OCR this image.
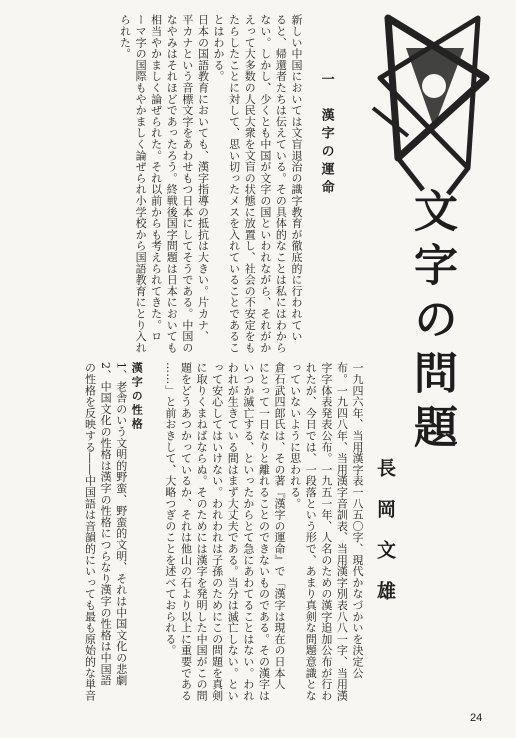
文字の問題
長岡文雄
一　漢字の運命
新しい中国においては文盲退治の識字教育が徹底的に行われてい
ると、帰還者たちは伝えている。その具体的なことは私にはわから
ない。しかし、少くとも中国が文字の国といわれながら、それがか
えって大多数の人民大衆を文盲の状態に放置し、社会の不安定をも
たらしたことに対して、思い切ったメスを入れていることであるこ
とはわかる。
日本の国語教育においても、漢字指導の抵抗は大きい。片カナ、
平カナという音標文字をあわせもつ日本にしてそうである。中国の
なやみはそれほどであったろう。終戦後国字問題は日本においても
相当やかましく論ぜられた。それ以前からも考えられてきた。ロ
ーマ字の国際もやかましく論ぜられ小学校から国語教育にとり入れ
られた。
一九四六年、当用漢字表一八五〇字、現代かなづかいを決定公
布。一九四八年、当用漢字音訓表、当用漢字別表八八一字、当用漢
字字体表発表公布。一九五一年、人名のための漢字追加公布が行わ
れたが、今日では、一段落という形で、あまり真剣な問題意識とな
っていないように思われる。
倉石武四郎氏は、その著『漢字の運命』で「漢字は現在の日本人
にとって一日なりと離れることのできないものである。その漢字は
いつか滅亡する、といったからとて急にあわてることはない。われ
われが生きている間はまず大丈夫である。当分は滅亡しない。とい
って安心してはいけない。われわれは子孫のためにこの問題を真剣
に取りくまねばならぬ。そのためには漢字を発明した中国がこの問
題をどうあつかっているか、それは他山の石より以上に重要である
……」と前おきして、大略つぎのことを述べておられる。
漢字の性格
1、老舎のいう文明的野蛮、野蛮的文明、それは中国文化の悲劇
2、中国文化の性格は漢字の性格につらなり漢字の性格は中国語
の性格を反映する――中国語は音韻的にいっても最も原始的な単音
24
